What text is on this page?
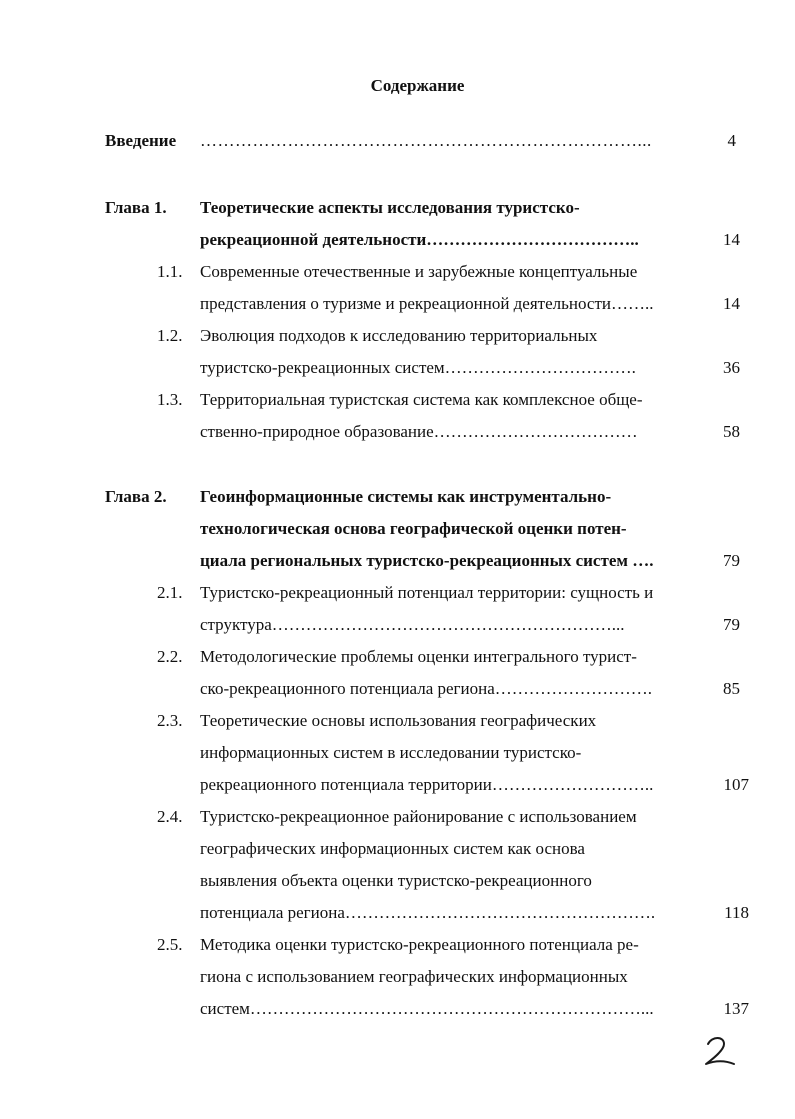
Содержание
Введение …………………………………………………………………...	4
Глава 1. Теоретические аспекты исследования туристско-
рекреационной деятельности………………………………..	14
1.1. Современные отечественные и зарубежные концептуальные
представления о туризме и рекреационной деятельности……..	14
1.2. Эволюция подходов к исследованию территориальных
туристско-рекреационных систем…………………………….	36
1.3. Территориальная туристская система как комплексное обще-
ственно-природное образование………………………………	58
Глава 2. Геоинформационные системы как инструментально-
технологическая основа географической оценки потен-
циала региональных туристско-рекреационных систем ….	79
2.1. Туристско-рекреационный потенциал территории: сущность и
структура……………………………………………………...	79
2.2. Методологические проблемы оценки интегрального турист-
ско-рекреационного потенциала региона……………………….	85
2.3. Теоретические основы использования географических
информационных систем в исследовании туристско-
рекреационного потенциала территории………………………..	107
2.4. Туристско-рекреационное районирование с использованием
географических информационных систем как основа
выявления объекта оценки туристско-рекреационного
потенциала региона……………………………………………….	118
2.5. Методика оценки туристско-рекреационного потенциала ре-
гиона с использованием географических информационных
систем……………………………………………………………...	137
